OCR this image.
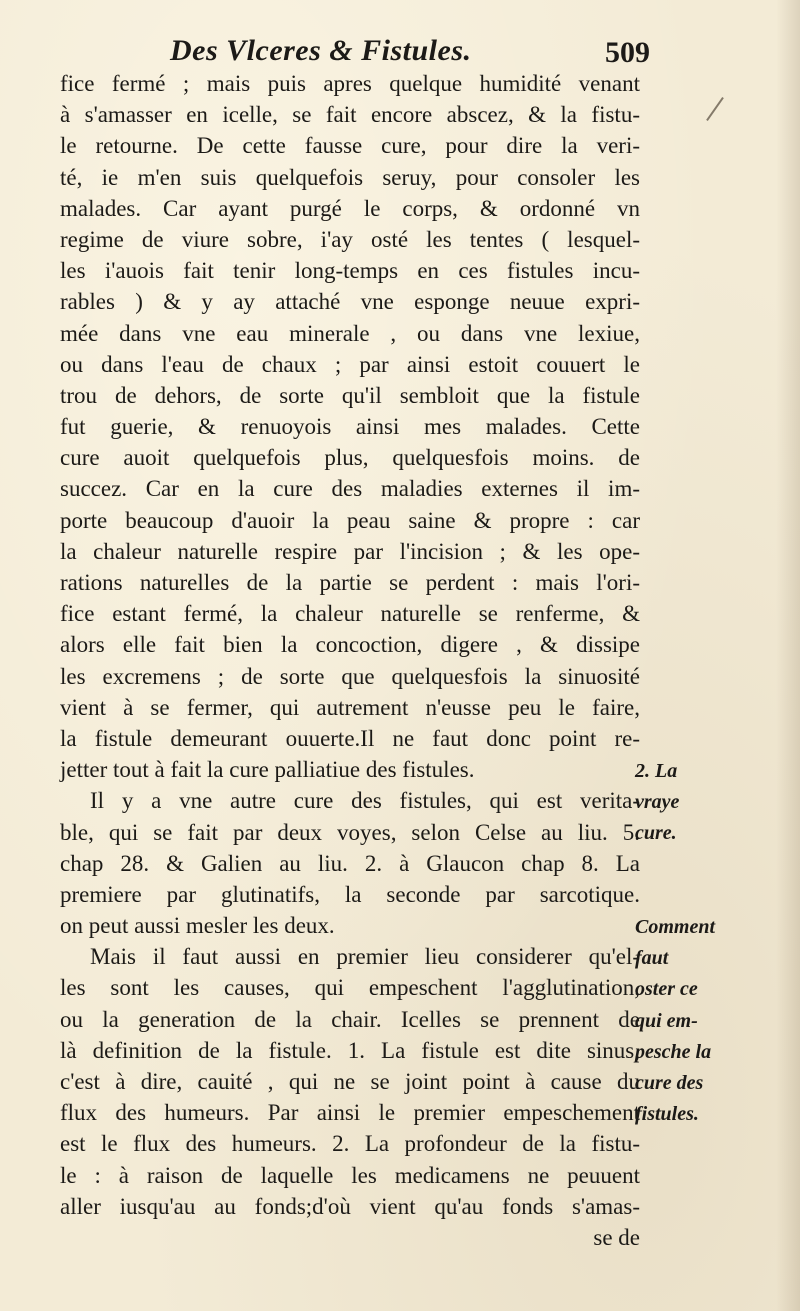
Des Vlceres & Fistules.	509
fice fermé ; mais puis apres quelque humidité venant
à s'amasser en icelle, se fait encore abscez, & la fistu-
le retourne. De cette fausse cure, pour dire la veri-
té, ie m'en suis quelquefois seruy, pour consoler les
malades. Car ayant purgé le corps, & ordonné vn
regime de viure sobre, i'ay osté les tentes ( lesquel-
les i'auois fait tenir long-temps en ces fistules incu-
rables ) & y ay attaché vne esponge neuue expri-
mée dans vne eau minerale , ou dans vne lexiue,
ou dans l'eau de chaux ; par ainsi estoit couuert le
trou de dehors, de sorte qu'il sembloit que la fistule
fut guerie, & renuoyois ainsi mes malades. Cette
cure auoit quelquefois plus, quelquesfois moins. de
succez. Car en la cure des maladies externes il im-
porte beaucoup d'auoir la peau saine & propre : car
la chaleur naturelle respire par l'incision ; & les ope-
rations naturelles de la partie se perdent : mais l'ori-
fice estant fermé, la chaleur naturelle se renferme, &
alors elle fait bien la concoction, digere , & dissipe
les excremens ; de sorte que quelquesfois la sinuosité
vient à se fermer, qui autrement n'eusse peu le faire,
la fistule demeurant ouuerte.Il ne faut donc point re-
jetter tout à fait la cure palliatiue des fistules.
Il y a vne autre cure des fistules, qui est verita-
ble, qui se fait par deux voyes, selon Celse au liu. 5.
chap 28. & Galien au liu. 2. à Glaucon chap 8. La
premiere par glutinatifs, la seconde par sarcotique.
on peut aussi mesler les deux.
Mais il faut aussi en premier lieu considerer qu'el-
les sont les causes, qui empeschent l'agglutination,
ou la generation de la chair. Icelles se prennent de
là definition de la fistule. 1. La fistule est dite sinus,
c'est à dire, cauité , qui ne se joint point à cause du
flux des humeurs. Par ainsi le premier empeschement
est le flux des humeurs. 2. La profondeur de la fistu-
le : à raison de laquelle les medicamens ne peuuent
aller iusqu'au au fonds;d'où vient qu'au fonds s'amas-
se de
2. La
vraye
cure.
Comment
faut
oster ce
qui em-
pesche la
cure des
fistules.
